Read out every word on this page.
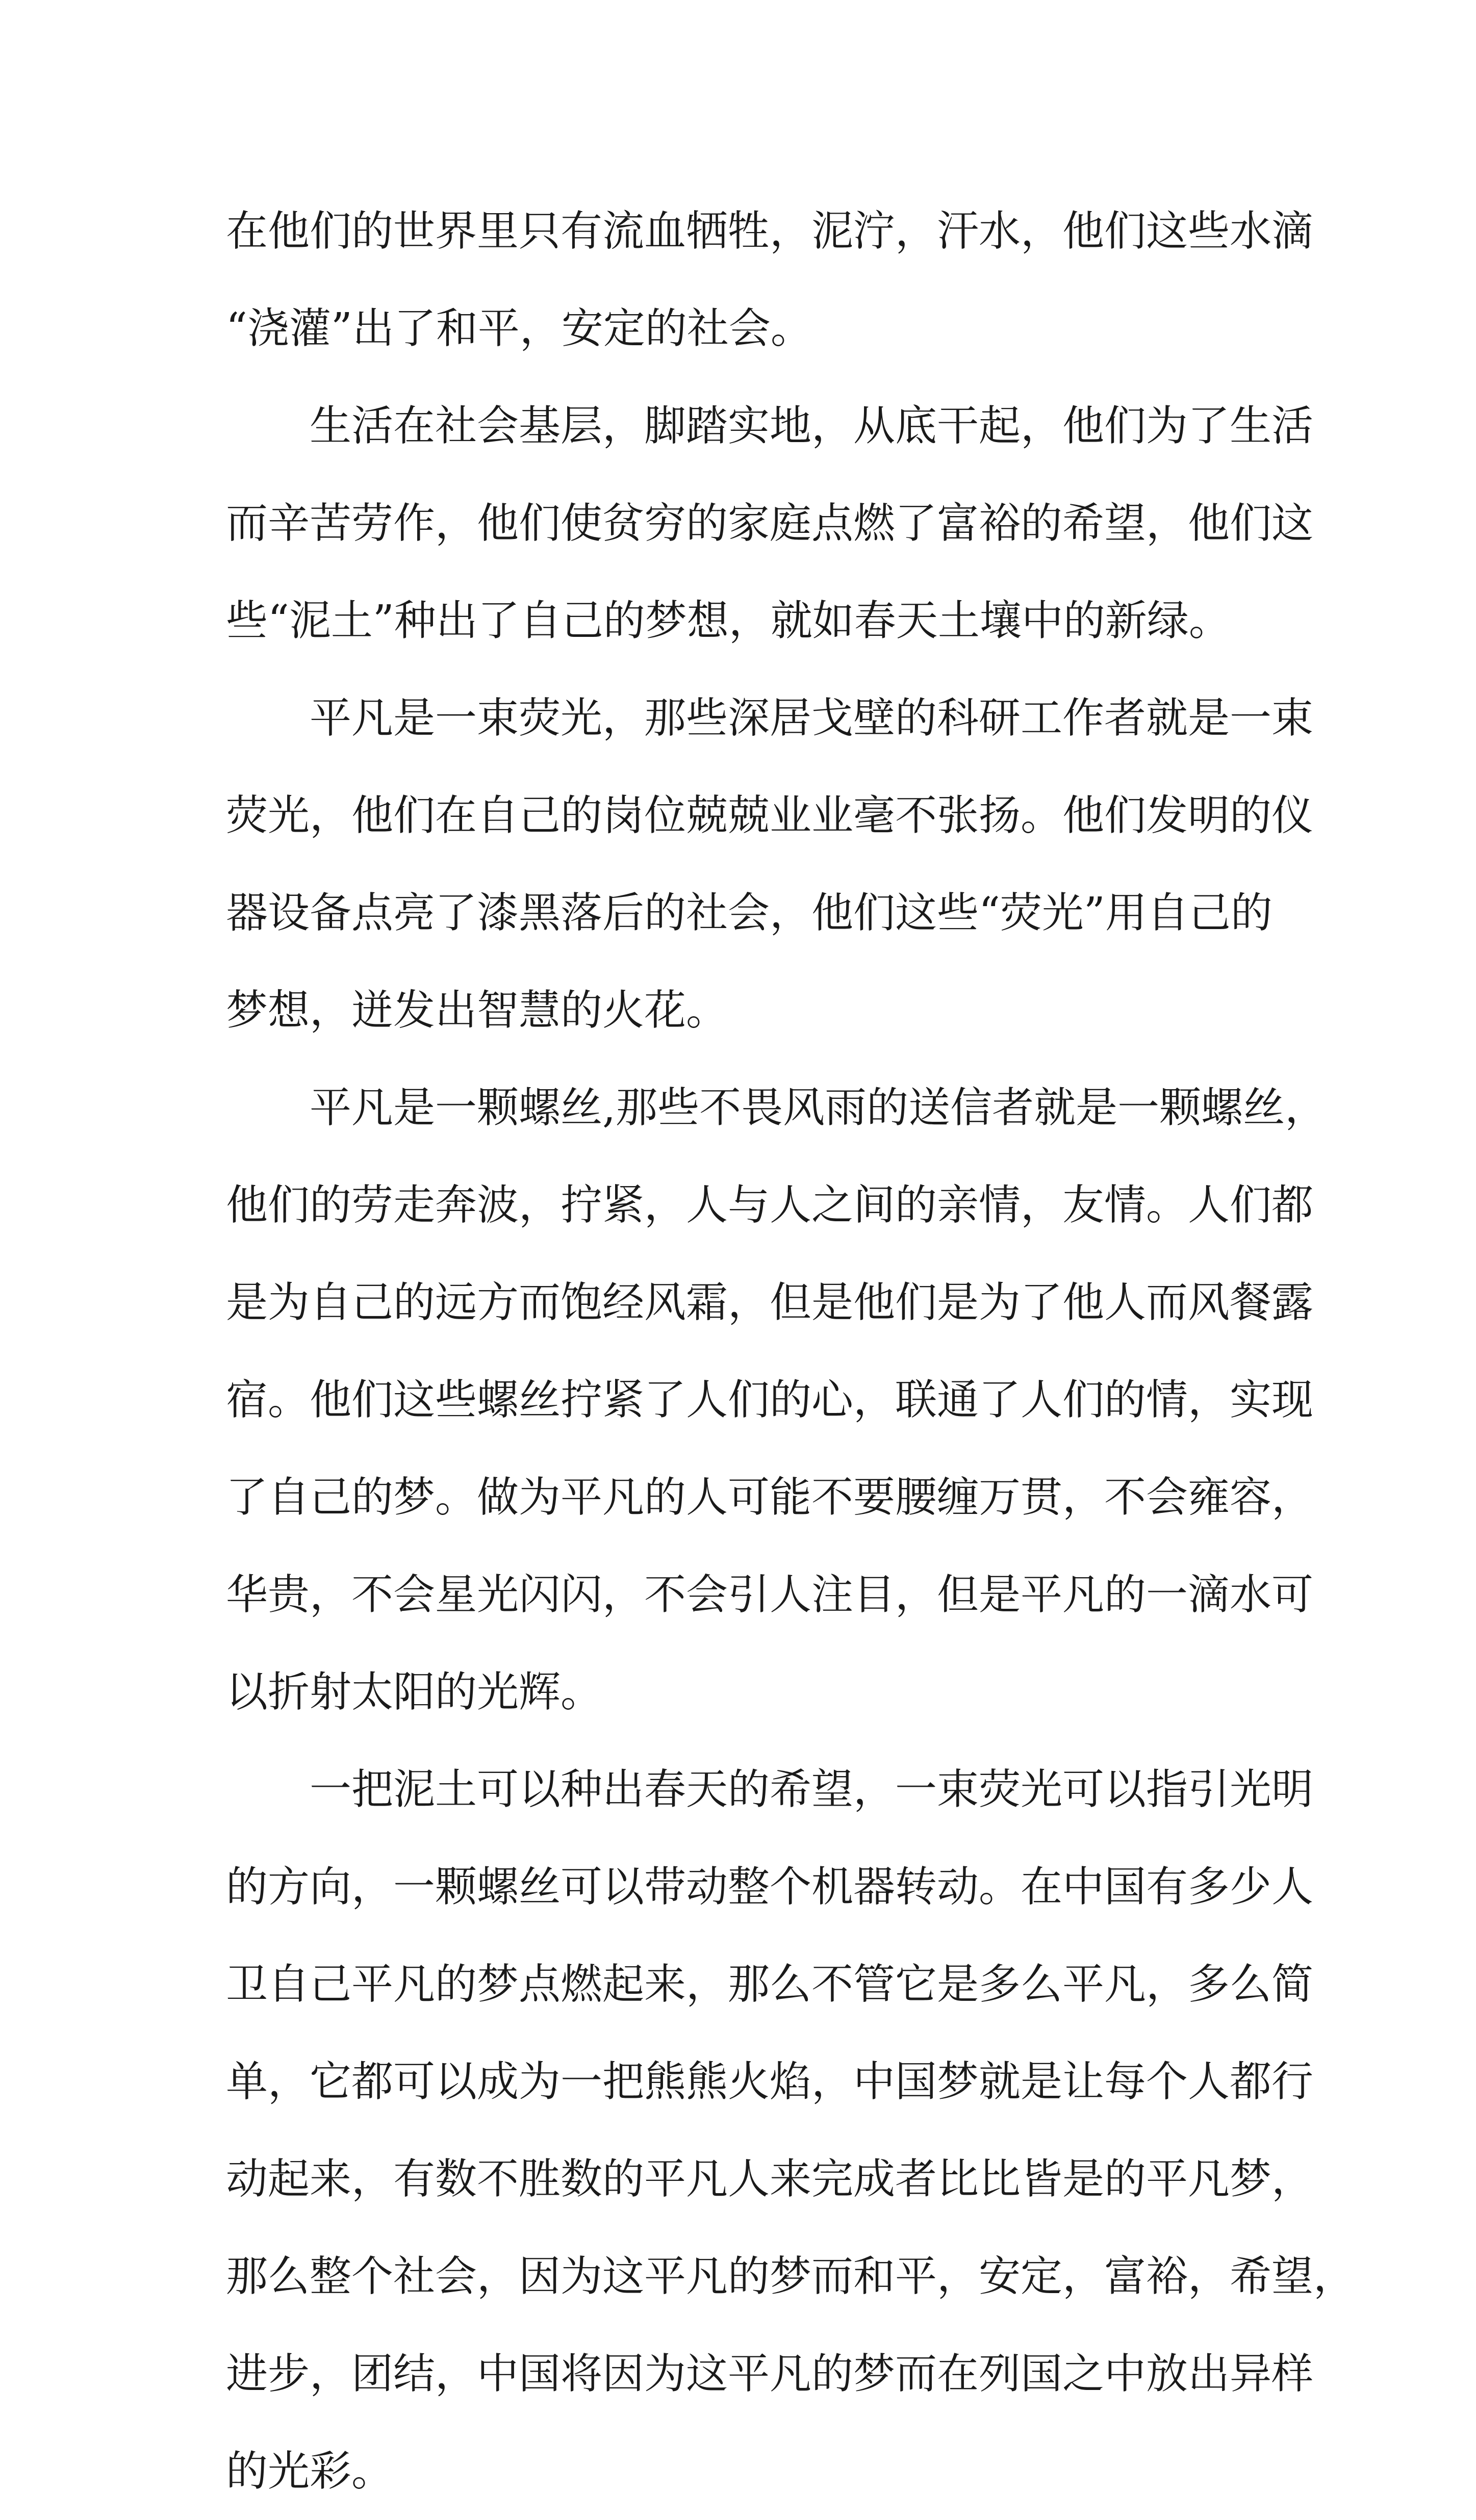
在他们的世界里只有流血牺牲，泥泞，汗水，他们这些水滴
“浇灌”出了和平，安定的社会。
生活在社会基层，脚踏实地，从底干起，他们为了生活
而辛苦劳作，他们使贫穷的家庭点燃了富裕的希望，他们这
些“泥土”种出了自己的梦想，就如春天土壤中的新绿。
平凡是一束荧光，那些深居戈壁的科研工作者就是一束
荧光，他们在自己的岗位兢兢业业毫不张扬。他们发明的仪
器设备点亮了漆黑落后的社会，他们这些“荧光”用自己的
梦想，迸发出智慧的火花。
平凡是一颗螺丝,那些不畏风雨的送信者就是一颗螺丝，
他们的劳走奔波，拧紧，人与人之间的亲情，友情。人们都
是为自己的远方而饱经风霜，但是他们是为了他人而风餐露
宿。他们这些螺丝拧紧了人们的心，联通了人们的情，实现
了自己的梦。做为平凡的人可能不要腰缠万贯，不会雍容，
华贵，不会星光闪闪，不会引人注目，但是平凡的一滴水可
以折射太阳的光辉。
一把泥土可以种出春天的希望，一束荧光可以指引光明
的方向，一颗螺丝可以带动整个机器转动。在中国有多少人
卫自己平凡的梦点燃起来，那么不管它是多么平凡，多么简
单，它都可以成为一把熊熊火焰，中国梦就是让每个人都行
动起来，有数不胜数的平凡人来完成者比比皆是的平凡梦，
那么整个社会，因为这平凡的梦而和平，安定，富裕，希望，
进步，团结，中国将因为这平凡的梦而在列国之中放出异样
的光彩。
